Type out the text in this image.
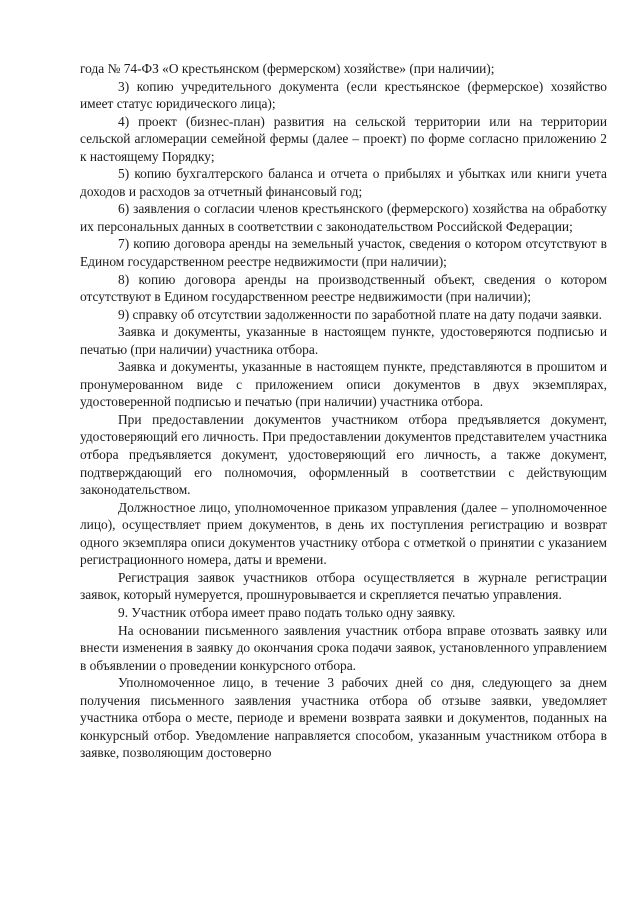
года № 74-ФЗ «О крестьянском (фермерском) хозяйстве» (при наличии);

3) копию учредительного документа (если крестьянское (фермерское) хозяйство имеет статус юридического лица);

4) проект (бизнес-план) развития на сельской территории или на территории сельской агломерации семейной фермы (далее – проект) по форме согласно приложению 2 к настоящему Порядку;

5) копию бухгалтерского баланса и отчета о прибылях и убытках или книги учета доходов и расходов за отчетный финансовый год;

6) заявления о согласии членов крестьянского (фермерского) хозяйства на обработку их персональных данных в соответствии с законодательством Российской Федерации;

7) копию договора аренды на земельный участок, сведения о котором отсутствуют в Едином государственном реестре недвижимости (при наличии);

8) копию договора аренды на производственный объект, сведения о котором отсутствуют в Едином государственном реестре недвижимости (при наличии);

9) справку об отсутствии задолженности по заработной плате на дату подачи заявки.

Заявка и документы, указанные в настоящем пункте, удостоверяются подписью и печатью (при наличии) участника отбора.

Заявка и документы, указанные в настоящем пункте, представляются в прошитом и пронумерованном виде с приложением описи документов в двух экземплярах, удостоверенной подписью и печатью (при наличии) участника отбора.

При предоставлении документов участником отбора предъявляется документ, удостоверяющий его личность. При предоставлении документов представителем участника отбора предъявляется документ, удостоверяющий его личность, а также документ, подтверждающий его полномочия, оформленный в соответствии с действующим законодательством.

Должностное лицо, уполномоченное приказом управления (далее – уполномоченное лицо), осуществляет прием документов, в день их поступления регистрацию и возврат одного экземпляра описи документов участнику отбора с отметкой о принятии с указанием регистрационного номера, даты и времени.

Регистрация заявок участников отбора осуществляется в журнале регистрации заявок, который нумеруется, прошнуровывается и скрепляется печатью управления.

9. Участник отбора имеет право подать только одну заявку.

На основании письменного заявления участник отбора вправе отозвать заявку или внести изменения в заявку до окончания срока подачи заявок, установленного управлением в объявлении о проведении конкурсного отбора.

Уполномоченное лицо, в течение 3 рабочих дней со дня, следующего за днем получения письменного заявления участника отбора об отзыве заявки, уведомляет участника отбора о месте, периоде и времени возврата заявки и документов, поданных на конкурсный отбор. Уведомление направляется способом, указанным участником отбора в заявке, позволяющим достоверно
